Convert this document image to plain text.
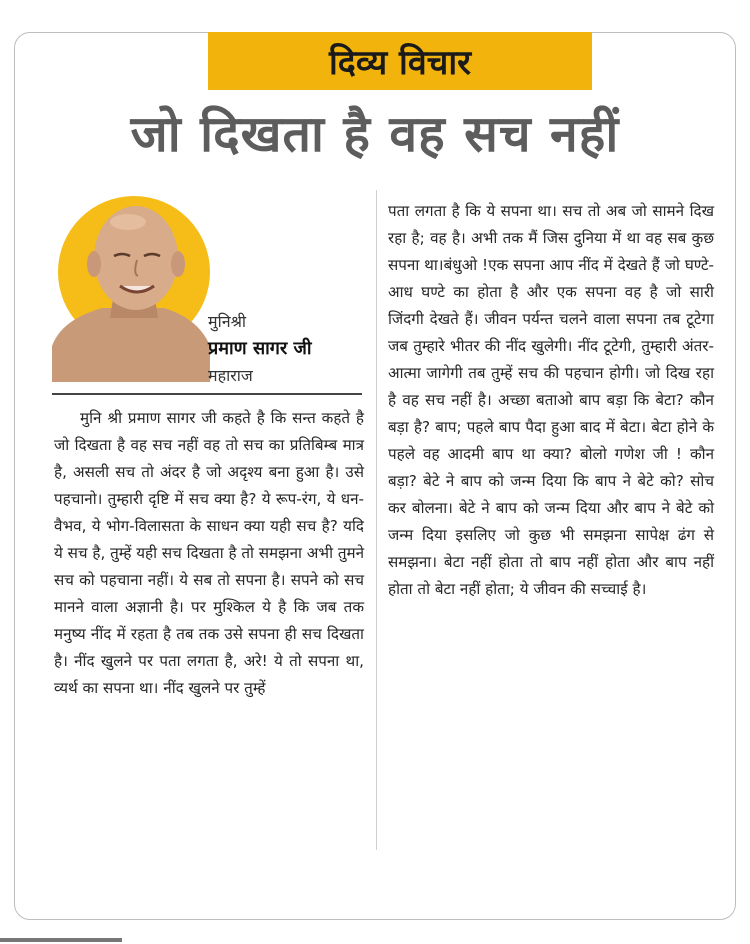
दिव्य विचार
जो दिखता है वह सच नहीं
मुनिश्री
प्रमाण सागर जी
महाराज
मुनि श्री प्रमाण सागर जी कहते है कि सन्त कहते है जो दिखता है वह सच नहीं वह तो सच का प्रतिबिम्ब मात्र है, असली सच तो अंदर है जो अदृश्य बना हुआ है। उसे पहचानो। तुम्हारी दृष्टि में सच क्या है? ये रूप-रंग, ये धन-वैभव, ये भोग-विलासता के साधन क्या यही सच है? यदि ये सच है, तुम्हें यही सच दिखता है तो समझना अभी तुमने सच को पहचाना नहीं। ये सब तो सपना है। सपने को सच मानने वाला अज्ञानी है। पर मुश्किल ये है कि जब तक मनुष्य नींद में रहता है तब तक उसे सपना ही सच दिखता है। नींद खुलने पर पता लगता है, अरे! ये तो सपना था, व्यर्थ का सपना था। नींद खुलने पर तुम्हें
पता लगता है कि ये सपना था। सच तो अब जो सामने दिख रहा है; वह है। अभी तक मैं जिस दुनिया में था वह सब कुछ सपना था।बंधुओ !एक सपना आप नींद में देखते हैं जो घण्टे-आध घण्टे का होता है और एक सपना वह है जो सारी जिंदगी देखते हैं। जीवन पर्यन्त चलने वाला सपना तब टूटेगा जब तुम्हारे भीतर की नींद खुलेगी। नींद टूटेगी, तुम्हारी अंतर-आत्मा जागेगी तब तुम्हें सच की पहचान होगी। जो दिख रहा है वह सच नहीं है। अच्छा बताओ बाप बड़ा कि बेटा? कौन बड़ा है? बाप; पहले बाप पैदा हुआ बाद में बेटा। बेटा होने के पहले वह आदमी बाप था क्या? बोलो गणेश जी ! कौन बड़ा? बेटे ने बाप को जन्म दिया कि बाप ने बेटे को? सोच कर बोलना। बेटे ने बाप को जन्म दिया और बाप ने बेटे को जन्म दिया इसलिए जो कुछ भी समझना सापेक्ष ढंग से समझना। बेटा नहीं होता तो बाप नहीं होता और बाप नहीं होता तो बेटा नहीं होता; ये जीवन की सच्चाई है।
